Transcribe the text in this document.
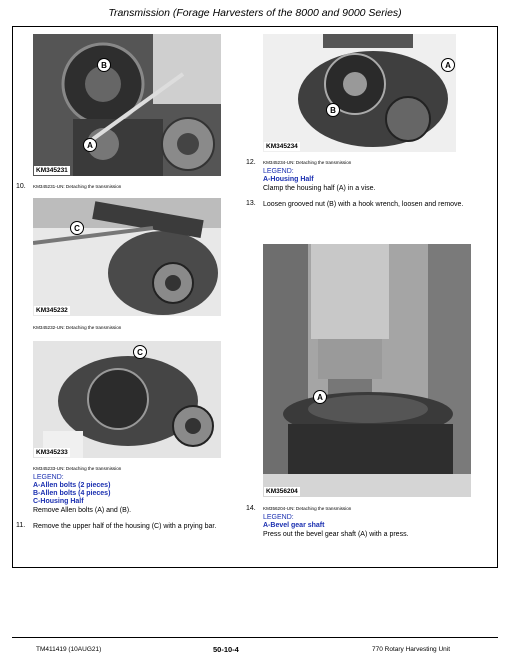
Transmission (Forage Harvesters of the 8000 and 9000 Series)
KM345231
B
A
10. KM345231-UN: Detaching the transmission
KM345232
C
KM345232-UN: Detaching the transmission
KM345233
C
KM345233-UN: Detaching the transmission
LEGEND:
A-Allen bolts (2 pieces)
B-Allen bolts (4 pieces)
C-Housing Half
Remove Allen bolts (A) and (B).
11. Remove the upper half of the housing (C) with a prying bar.
KM345234
A
B
12. KM345234-UN: Detaching the transmission
LEGEND:
A-Housing Half
Clamp the housing half (A) in a vise.
13. Loosen grooved nut (B) with a hook wrench, loosen and remove.
KM356204
A
14. KM356204-UN: Detaching the transmission
LEGEND:
A-Bevel gear shaft
Press out the bevel gear shaft (A) with a press.
TM411419 (10AUG21)	50-10-4	770 Rotary Harvesting Unit
